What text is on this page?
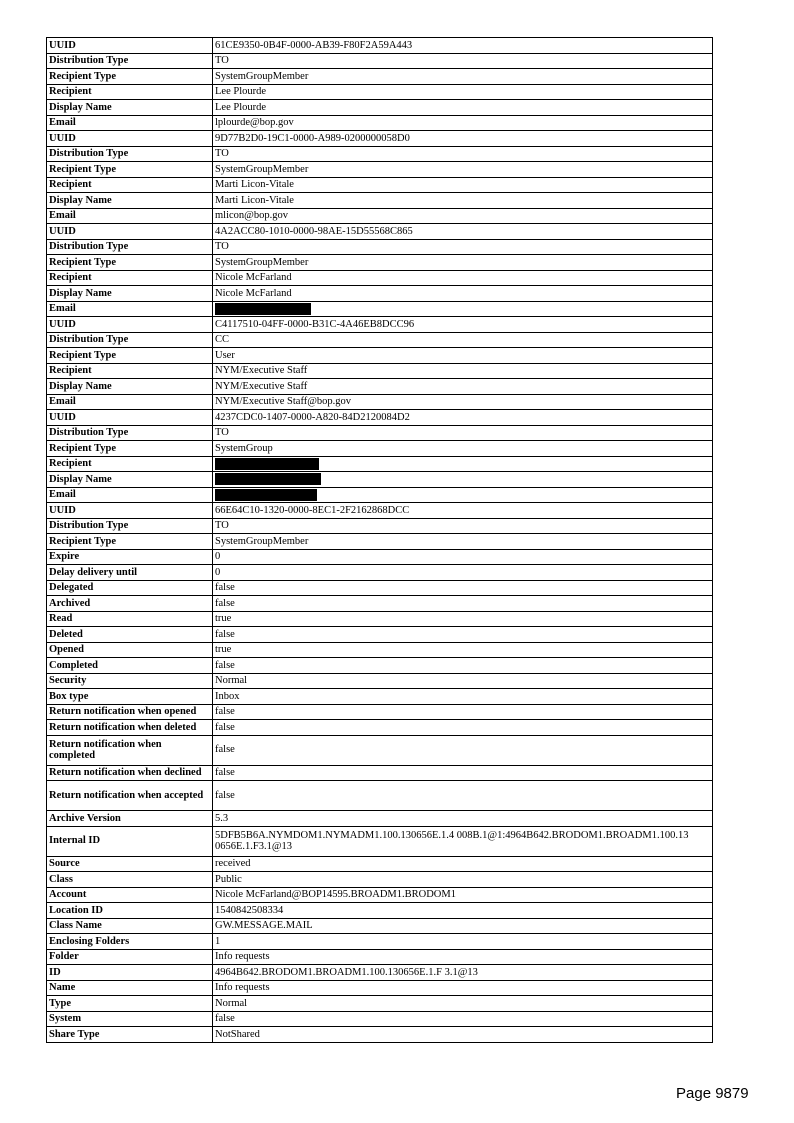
UUID	61CE9350-0B4F-0000-AB39-F80F2A59A443
Distribution Type	TO
Recipient Type	SystemGroupMember
Recipient	Lee Plourde
Display Name	Lee Plourde
Email	lplourde@bop.gov
UUID	9D77B2D0-19C1-0000-A989-0200000058D0
Distribution Type	TO
Recipient Type	SystemGroupMember
Recipient	Marti Licon-Vitale
Display Name	Marti Licon-Vitale
Email	mlicon@bop.gov
UUID	4A2ACC80-1010-0000-98AE-15D55568C865
Distribution Type	TO
Recipient Type	SystemGroupMember
Recipient	Nicole McFarland
Display Name	Nicole McFarland
Email	
UUID	C4117510-04FF-0000-B31C-4A46EB8DCC96
Distribution Type	CC
Recipient Type	User
Recipient	NYM/Executive Staff
Display Name	NYM/Executive Staff
Email	NYM/Executive Staff@bop.gov
UUID	4237CDC0-1407-0000-A820-84D2120084D2
Distribution Type	TO
Recipient Type	SystemGroup
Recipient	
Display Name	
Email	
UUID	66E64C10-1320-0000-8EC1-2F2162868DCC
Distribution Type	TO
Recipient Type	SystemGroupMember
Expire	0
Delay delivery until	0
Delegated	false
Archived	false
Read	true
Deleted	false
Opened	true
Completed	false
Security	Normal
Box type	Inbox
Return notification when opened	false
Return notification when deleted	false
Return notification when completed	false
Return notification when declined	false
Return notification when accepted	false
Archive Version	5.3
Internal ID	5DFB5B6A.NYMDOM1.NYMADM1.100.130656E.1.4 008B.1@1:4964B642.BRODOM1.BROADM1.100.13 0656E.1.F3.1@13
Source	received
Class	Public
Account	Nicole McFarland@BOP14595.BROADM1.BRODOM1
Location ID	1540842508334
Class Name	GW.MESSAGE.MAIL
Enclosing Folders	1
Folder	Info requests
ID	4964B642.BRODOM1.BROADM1.100.130656E.1.F 3.1@13
Name	Info requests
Type	Normal
System	false
Share Type	NotShared
Page 9879
